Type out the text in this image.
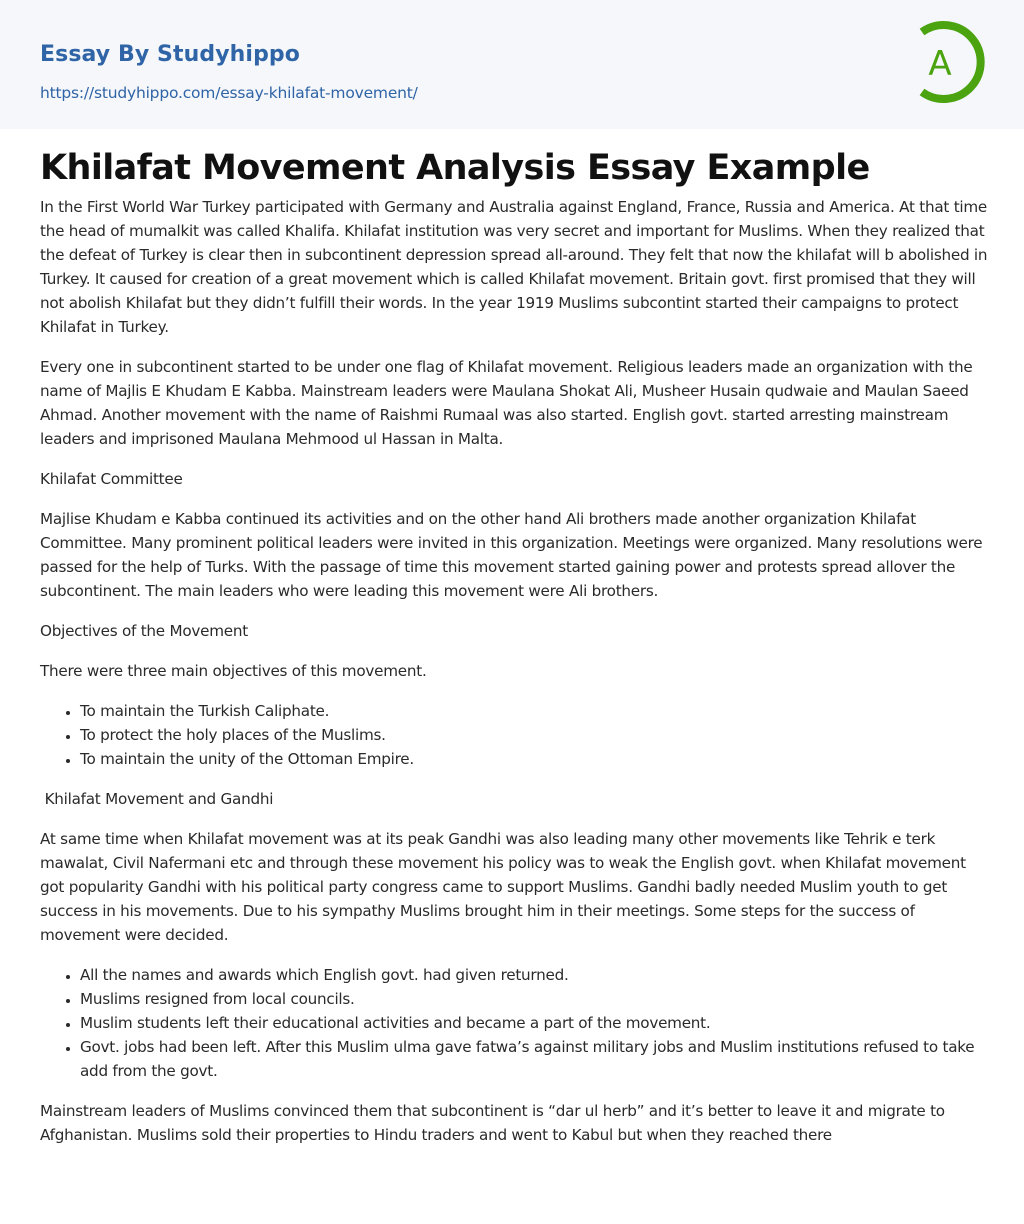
Essay By Studyhippo
https://studyhippo.com/essay-khilafat-movement/
A
Khilafat Movement Analysis Essay Example

In the First World War Turkey participated with Germany and Australia against England, France, Russia and America. At that time the head of mumalkit was called Khalifa. Khilafat institution was very secret and important for Muslims. When they realized that the defeat of Turkey is clear then in subcontinent depression spread all-around. They felt that now the khilafat will b abolished in Turkey. It caused for creation of a great movement which is called Khilafat movement. Britain govt. first promised that they will not abolish Khilafat but they didn’t fulfill their words. In the year 1919 Muslims subcontint started their campaigns to protect Khilafat in Turkey.

Every one in subcontinent started to be under one flag of Khilafat movement. Religious leaders made an organization with the name of Majlis E Khudam E Kabba. Mainstream leaders were Maulana Shokat Ali, Musheer Husain qudwaie and Maulan Saeed Ahmad. Another movement with the name of Raishmi Rumaal was also started. English govt. started arresting mainstream leaders and imprisoned Maulana Mehmood ul Hassan in Malta.

Khilafat Committee

Majlise Khudam e Kabba continued its activities and on the other hand Ali brothers made another organization Khilafat Committee. Many prominent political leaders were invited in this organization. Meetings were organized. Many resolutions were passed for the help of Turks. With the passage of time this movement started gaining power and protests spread allover the subcontinent. The main leaders who were leading this movement were Ali brothers.

Objectives of the Movement

There were three main objectives of this movement.

• To maintain the Turkish Caliphate.
• To protect the holy places of the Muslims.
• To maintain the unity of the Ottoman Empire.

Khilafat Movement and Gandhi

At same time when Khilafat movement was at its peak Gandhi was also leading many other movements like Tehrik e terk mawalat, Civil Nafermani etc and through these movement his policy was to weak the English govt. when Khilafat movement got popularity Gandhi with his political party congress came to support Muslims. Gandhi badly needed Muslim youth to get success in his movements. Due to his sympathy Muslims brought him in their meetings. Some steps for the success of movement were decided.

• All the names and awards which English govt. had given returned.
• Muslims resigned from local councils.
• Muslim students left their educational activities and became a part of the movement.
• Govt. jobs had been left. After this Muslim ulma gave fatwa’s against military jobs and Muslim institutions refused to take add from the govt.

Mainstream leaders of Muslims convinced them that subcontinent is “dar ul herb” and it’s better to leave it and migrate to Afghanistan. Muslims sold their properties to Hindu traders and went to Kabul but when they reached there
